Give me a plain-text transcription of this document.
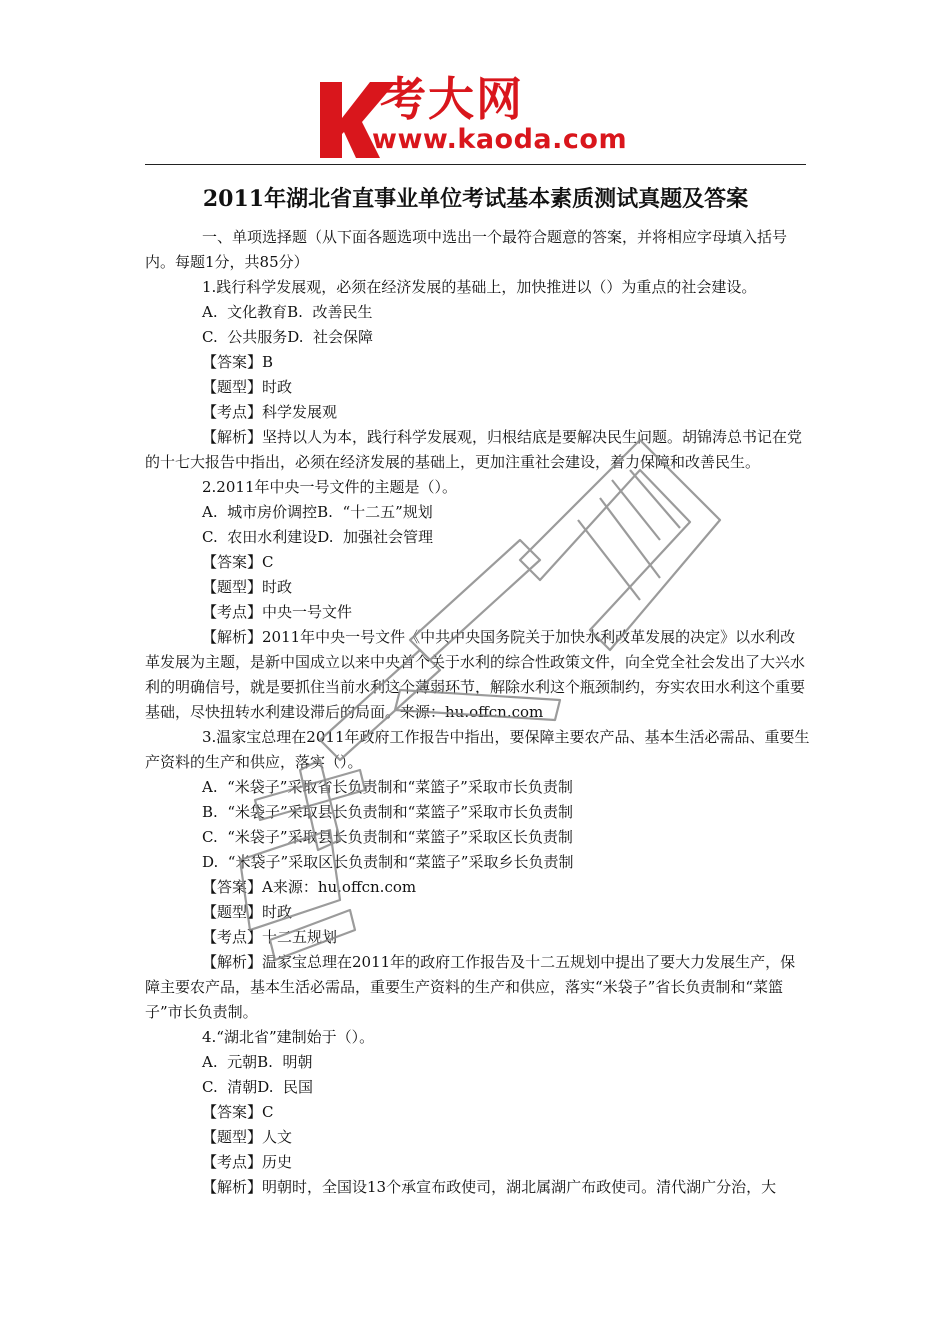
考大网
www.kaoda.com
2011年湖北省直事业单位考试基本素质测试真题及答案

一、单项选择题（从下面各题选项中选出一个最符合题意的答案，并将相应字母填入括号内。每题1分，共85分）

1.践行科学发展观，必须在经济发展的基础上，加快推进以（）为重点的社会建设。

A.  文化教育B.  改善民生

C.  公共服务D.  社会保障

【答案】B

【题型】时政

【考点】科学发展观

【解析】坚持以人为本，践行科学发展观，归根结底是要解决民生问题。胡锦涛总书记在党的十七大报告中指出，必须在经济发展的基础上，更加注重社会建设，着力保障和改善民生。

2.2011年中央一号文件的主题是（）。

A.  城市房价调控B.  “十二五”规划

C.  农田水利建设D.  加强社会管理

【答案】C

【题型】时政

【考点】中央一号文件

【解析】2011年中央一号文件《中共中央国务院关于加快水利改革发展的决定》以水利改革发展为主题，是新中国成立以来中央首个关于水利的综合性政策文件，向全党全社会发出了大兴水利的明确信号，就是要抓住当前水利这个薄弱环节，解除水利这个瓶颈制约，夯实农田水利这个重要基础，尽快扭转水利建设滞后的局面。来源：hu.offcn.com

3.温家宝总理在2011年政府工作报告中指出，要保障主要农产品、基本生活必需品、重要生产资料的生产和供应，落实（）。

A.  “米袋子”采取省长负责制和“菜篮子”采取市长负责制

B.  “米袋子”采取县长负责制和“菜篮子”采取市长负责制

C.  “米袋子”采取县长负责制和“菜篮子”采取区长负责制

D.  “米袋子”采取区长负责制和“菜篮子”采取乡长负责制

【答案】A来源：hu.offcn.com

【题型】时政

【考点】十二五规划

【解析】温家宝总理在2011年的政府工作报告及十二五规划中提出了要大力发展生产，保障主要农产品，基本生活必需品，重要生产资料的生产和供应，落实“米袋子”省长负责制和“菜篮子”市长负责制。

4.“湖北省”建制始于（）。

A.  元朝B.  明朝

C.  清朝D.  民国

【答案】C

【题型】人文

【考点】历史

【解析】明朝时，全国设13个承宣布政使司，湖北属湖广布政使司。清代湖广分治，大
